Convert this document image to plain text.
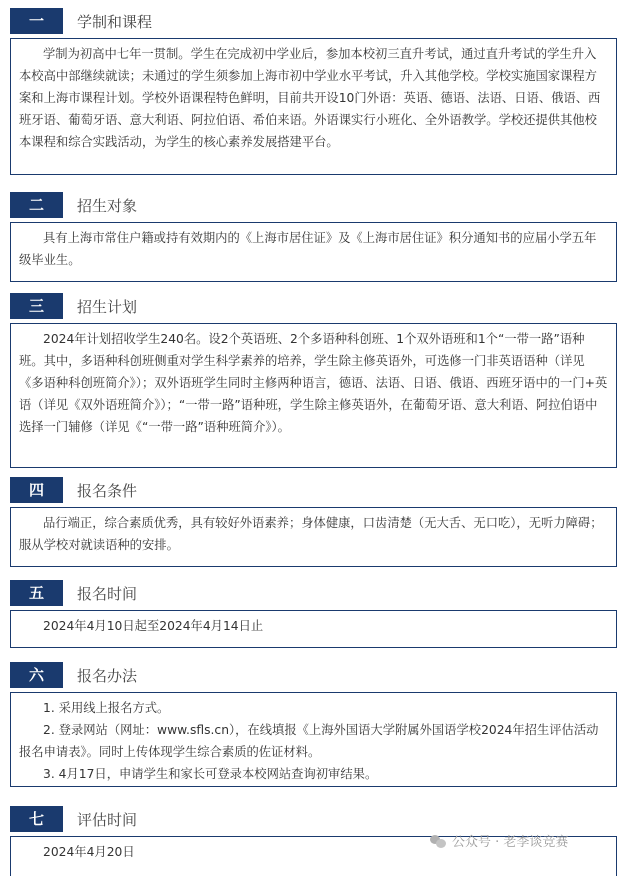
一	学制和课程

学制为初高中七年一贯制。学生在完成初中学业后，参加本校初三直升考试，通过直升考试的学生升入本校高中部继续就读；未通过的学生须参加上海市初中学业水平考试，升入其他学校。学校实施国家课程方案和上海市课程计划。学校外语课程特色鲜明，目前共开设10门外语：英语、德语、法语、日语、俄语、西班牙语、葡萄牙语、意大利语、阿拉伯语、希伯来语。外语课实行小班化、全外语教学。学校还提供其他校本课程和综合实践活动，为学生的核心素养发展搭建平台。

二	招生对象

具有上海市常住户籍或持有效期内的《上海市居住证》及《上海市居住证》积分通知书的应届小学五年级毕业生。

三	招生计划

2024年计划招收学生240名。设2个英语班、2个多语种科创班、1个双外语班和1个“一带一路”语种班。其中，多语种科创班侧重对学生科学素养的培养，学生除主修英语外，可选修一门非英语语种（详见《多语种科创班简介》）；双外语班学生同时主修两种语言，德语、法语、日语、俄语、西班牙语中的一门+英语（详见《双外语班简介》）；“一带一路”语种班，学生除主修英语外，在葡萄牙语、意大利语、阿拉伯语中选择一门辅修（详见《“一带一路”语种班简介》）。

四	报名条件

品行端正，综合素质优秀，具有较好外语素养；身体健康，口齿清楚（无大舌、无口吃），无听力障碍；服从学校对就读语种的安排。

五	报名时间

2024年4月10日起至2024年4月14日止

六	报名办法
1. 采用线上报名方式。
2. 登录网站（网址：www.sfls.cn），在线填报《上海外国语大学附属外国语学校2024年招生评估活动报名申请表》。同时上传体现学生综合素质的佐证材料。
3. 4月17日，申请学生和家长可登录本校网站查询初审结果。
七	评估时间

2024年4月20日

公众号 · 老李谈竞赛
